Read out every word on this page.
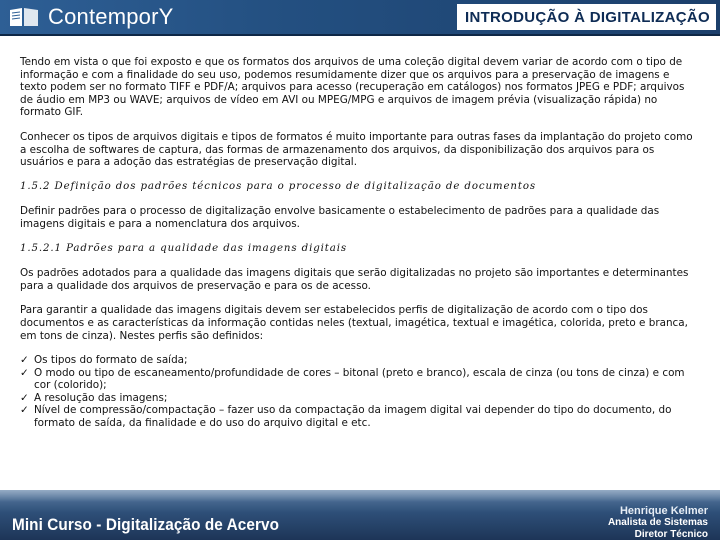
ContemporY	INTRODUÇÃO À DIGITALIZAÇÃO

Tendo em vista o que foi exposto e que os formatos dos arquivos de uma coleção digital devem variar de acordo com o tipo de informação e com a finalidade do seu uso, podemos resumidamente dizer que os arquivos para a preservação de imagens e texto podem ser no formato TIFF e PDF/A; arquivos para acesso (recuperação em catálogos) nos formatos JPEG e PDF; arquivos de áudio em MP3 ou WAVE; arquivos de vídeo em AVI ou MPEG/MPG e arquivos de imagem prévia (visualização rápida) no formato GIF.

Conhecer os tipos de arquivos digitais e tipos de formatos é muito importante para outras fases da implantação do projeto como a escolha de softwares de captura, das formas de armazenamento dos arquivos, da disponibilização dos arquivos para os usuários e para a adoção das estratégias de preservação digital.

1.5.2 Definição dos padrões técnicos para o processo de digitalização de documentos

Definir padrões para o processo de digitalização envolve basicamente o estabelecimento de padrões para a qualidade das imagens digitais e para a nomenclatura dos arquivos.

1.5.2.1 Padrões para a qualidade das imagens digitais

Os padrões adotados para a qualidade das imagens digitais que serão digitalizadas no projeto são importantes e determinantes para a qualidade dos arquivos de preservação e para os de acesso.

Para garantir a qualidade das imagens digitais devem ser estabelecidos perfis de digitalização de acordo com o tipo dos documentos e as características da informação contidas neles (textual, imagética, textual e imagética, colorida, preto e branca, em tons de cinza). Nestes perfis são definidos:

✓ Os tipos do formato de saída;
✓ O modo ou tipo de escaneamento/profundidade de cores – bitonal (preto e branco), escala de cinza (ou tons de cinza) e com cor (colorido);
✓ A resolução das imagens;
✓ Nível de compressão/compactação – fazer uso da compactação da imagem digital vai depender do tipo do documento, do formato de saída, da finalidade e do uso do arquivo digital e etc.
Mini Curso - Digitalização de Acervo
Henrique Kelmer
Analista de Sistemas
Diretor Técnico
